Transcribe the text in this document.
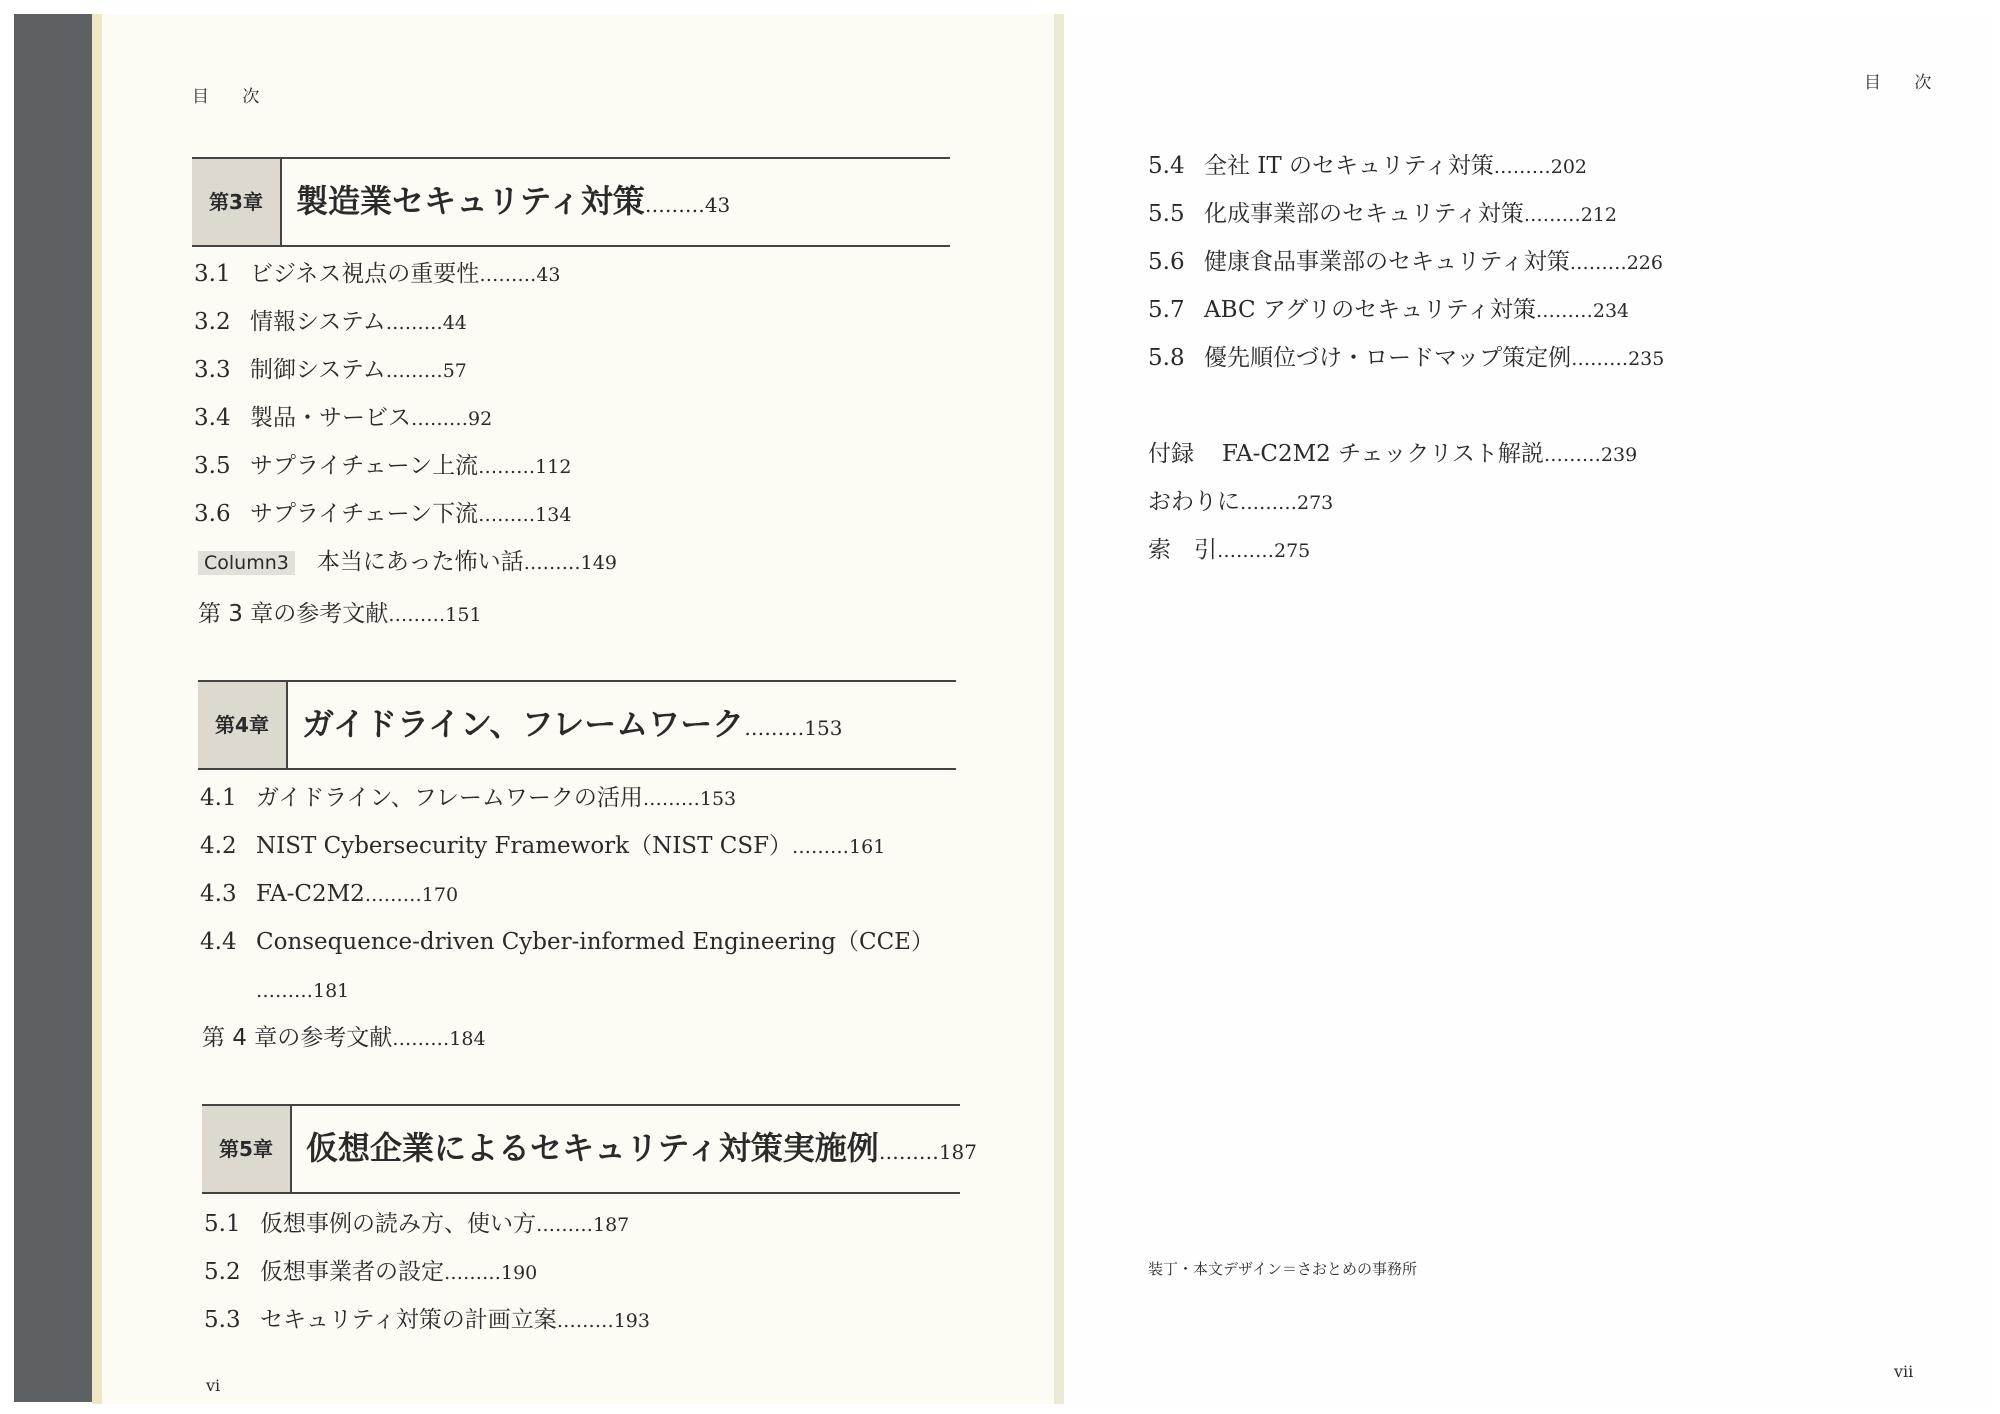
目 次
第3章	製造業セキュリティ対策………43
3.1 ビジネス視点の重要性………43
3.2 情報システム………44
3.3 制御システム………57
3.4 製品・サービス………92
3.5 サプライチェーン上流………112
3.6 サプライチェーン下流………134
Column3 本当にあった怖い話………149
第 3 章の参考文献………151
第4章	ガイドライン、フレームワーク………153
4.1 ガイドライン、フレームワークの活用………153
4.2 NIST Cybersecurity Framework（NIST CSF）………161
4.3 FA-C2M2………170
4.4 Consequence-driven Cyber-informed Engineering（CCE）
………181
第 4 章の参考文献………184
第5章	仮想企業によるセキュリティ対策実施例………187
5.1 仮想事例の読み方、使い方………187
5.2 仮想事業者の設定………190
5.3 セキュリティ対策の計画立案………193
vi
目 次
5.4 全社 IT のセキュリティ対策………202
5.5 化成事業部のセキュリティ対策………212
5.6 健康食品事業部のセキュリティ対策………226
5.7 ABC アグリのセキュリティ対策………234
5.8 優先順位づけ・ロードマップ策定例………235
付録 FA-C2M2 チェックリスト解説………239
おわりに………273
索　引………275
装丁・本文デザイン＝さおとめの事務所
vii
